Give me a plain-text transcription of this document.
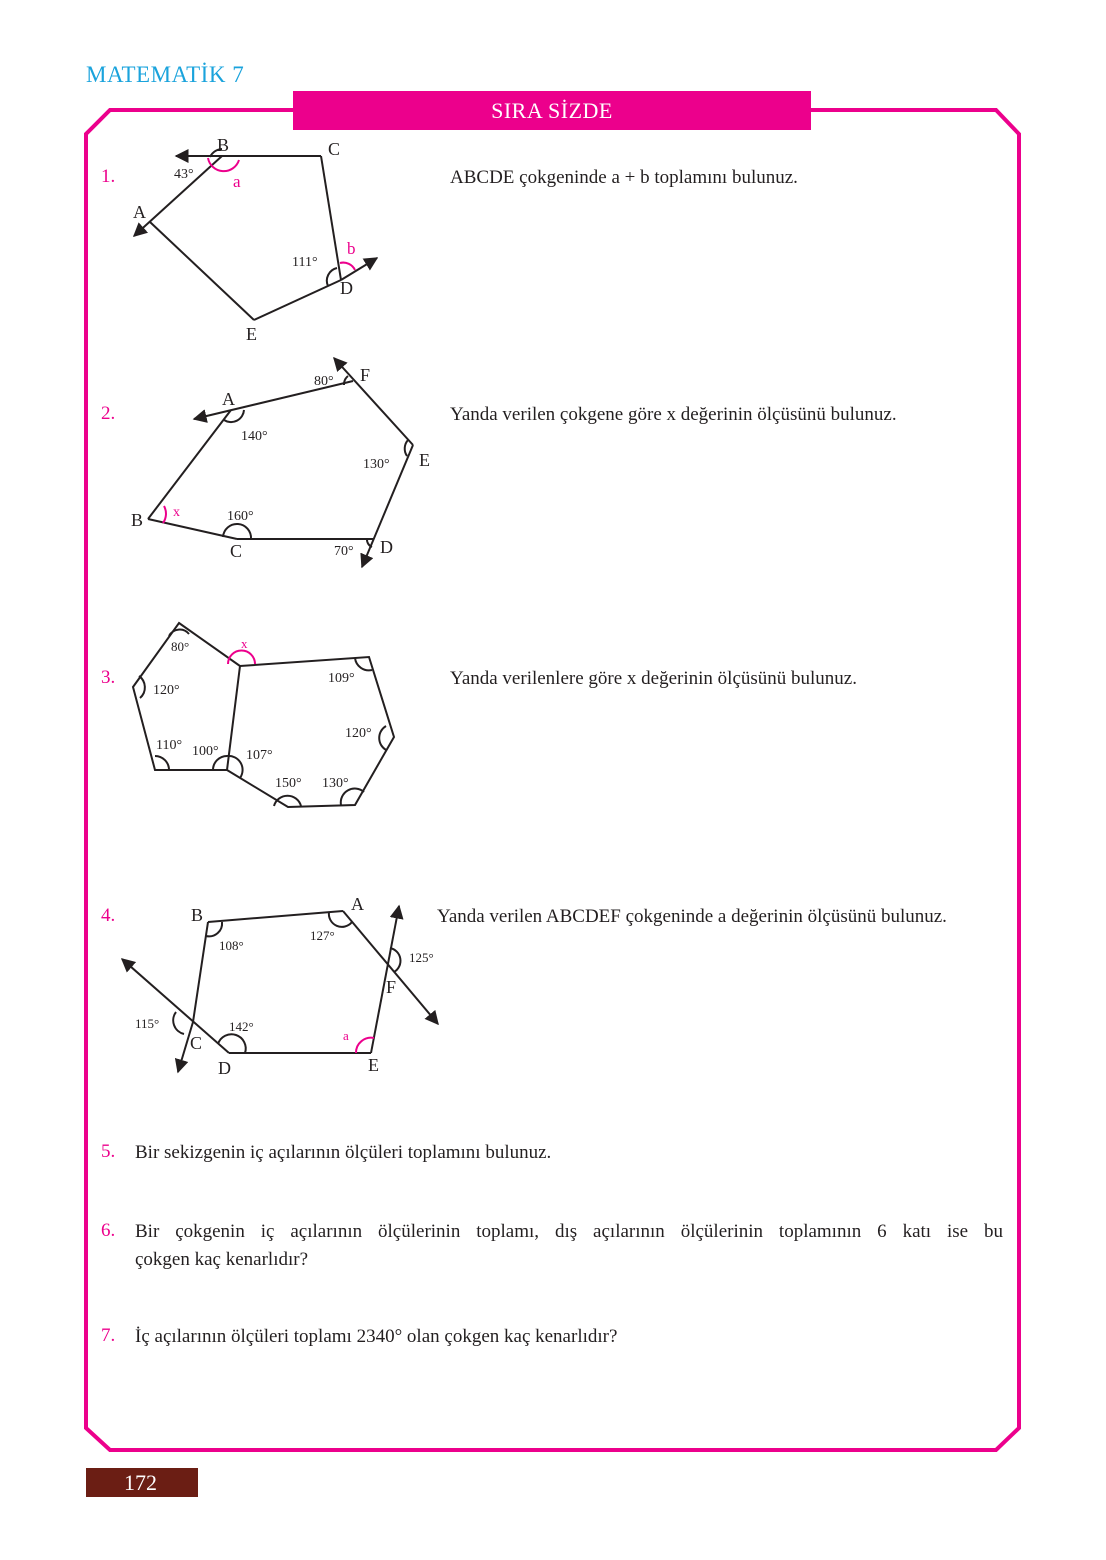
MATEMATİK 7
SIRA SİZDE
1.	ABCDE çokgeninde a + b toplamını bulunuz.
2.	Yanda verilen çokgene göre x değerinin ölçüsünü bulunuz.
3.	Yanda verilenlere göre x değerinin ölçüsünü bulunuz.
4.	Yanda verilen ABCDEF çokgeninde a değerinin ölçüsünü bulunuz.
5. Bir sekizgenin iç açılarının ölçüleri toplamını bulunuz.
6. Bir çokgenin iç açılarının ölçülerinin toplamı, dış açılarının ölçülerinin toplamının 6 katı ise bu
çokgen kaç kenarlıdır?
7. İç açılarının ölçüleri toplamı 2340° olan çokgen kaç kenarlıdır?
B	C
A
D
E
43°
111°
a
b
A
F
E
B
C	D
80°
140°
130°
160°
70°
x
80°	x
120°
110° 100° 107°
109°
120°
150° 130°
B
A
F
C
D	E
108°
127°
125°
115°	142°
a
172
